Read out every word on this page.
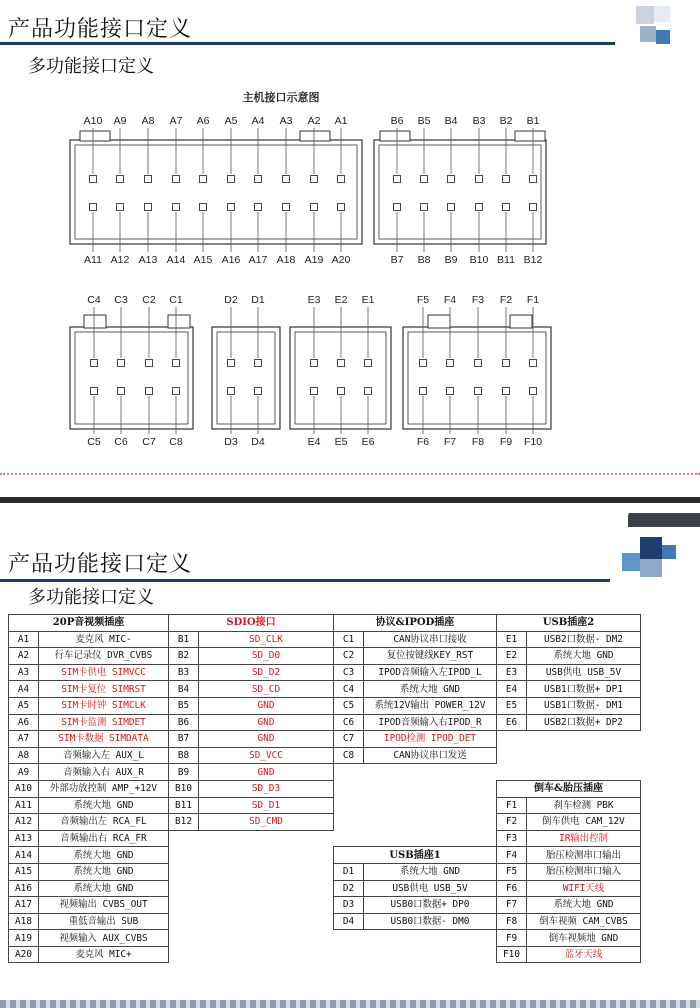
产品功能接口定义
多功能接口定义
主机接口示意图
A10
A11
A9
A12
A8
A13
A7
A14
A6
A15
A5
A16
A4
A17
A3
A18
A2
A19
A1
A20
B6
B7
B5
B8
B4
B9
B3
B10
B2
B11
B1
B12
C4
C5
C3
C6
C2
C7
C1
C8
D2
D3
D1
D4
E3
E4
E2
E5
E1
E6
F5
F6
F4
F7
F3
F8
F2
F9
F1
F10
产品功能接口定义
多功能接口定义
20P音视频插座		SDIO接口		协议&IPOD插座		USB插座2	
A1	麦克风 MIC-	B1	SD_CLK	C1	CAN协议串口接收	E1	USB2口数据- DM2
A2	行车记录仪 DVR_CVBS	B2	SD_D0	C2	复位按键线KEY_RST	E2	系统大地 GND
A3	SIM卡供电 SIMVCC	B3	SD_D2	C3	IPOD音频输入左IPOD_L	E3	USB供电 USB_5V
A4	SIM卡复位 SIMRST	B4	SD_CD	C4	系统大地 GND	E4	USB1口数据+ DP1
A5	SIM卡时钟 SIMCLK	B5	GND	C5	系统12V输出 POWER_12V	E5	USB1口数据- DM1
A6	SIM卡监测 SIMDET	B6	GND	C6	IPOD音频输入右IPOD_R	E6	USB2口数据+ DP2
A7	SIM卡数据 SIMDATA	B7	GND	C7	IPOD检测 IPOD_DET		
A8	音频输入左 AUX_L	B8	SD_VCC	C8	CAN协议串口发送		
A9	音频输入右 AUX_R	B9	GND				
A10	外部功放控制 AMP_+12V	B10	SD_D3			倒车&胎压插座	
A11	系统大地 GND	B11	SD_D1			F1	刹车检测 PBK
A12	音频输出左 RCA_FL	B12	SD_CMD			F2	倒车供电 CAM_12V
A13	音频输出右 RCA_FR					F3	IR输出控制
A14	系统大地 GND			USB插座1		F4	胎压检测串口输出
A15	系统大地 GND			D1	系统大地 GND	F5	胎压检测串口输入
A16	系统大地 GND			D2	USB供电 USB_5V	F6	WIFI天线
A17	视频输出 CVBS_OUT			D3	USB0口数据+ DP0	F7	系统大地 GND
A18	重低音输出 SUB			D4	USB0口数据- DM0	F8	倒车视频 CAM_CVBS
A19	视频输入 AUX_CVBS					F9	倒车视频地 GND
A20	麦克风 MIC+					F10	蓝牙天线
